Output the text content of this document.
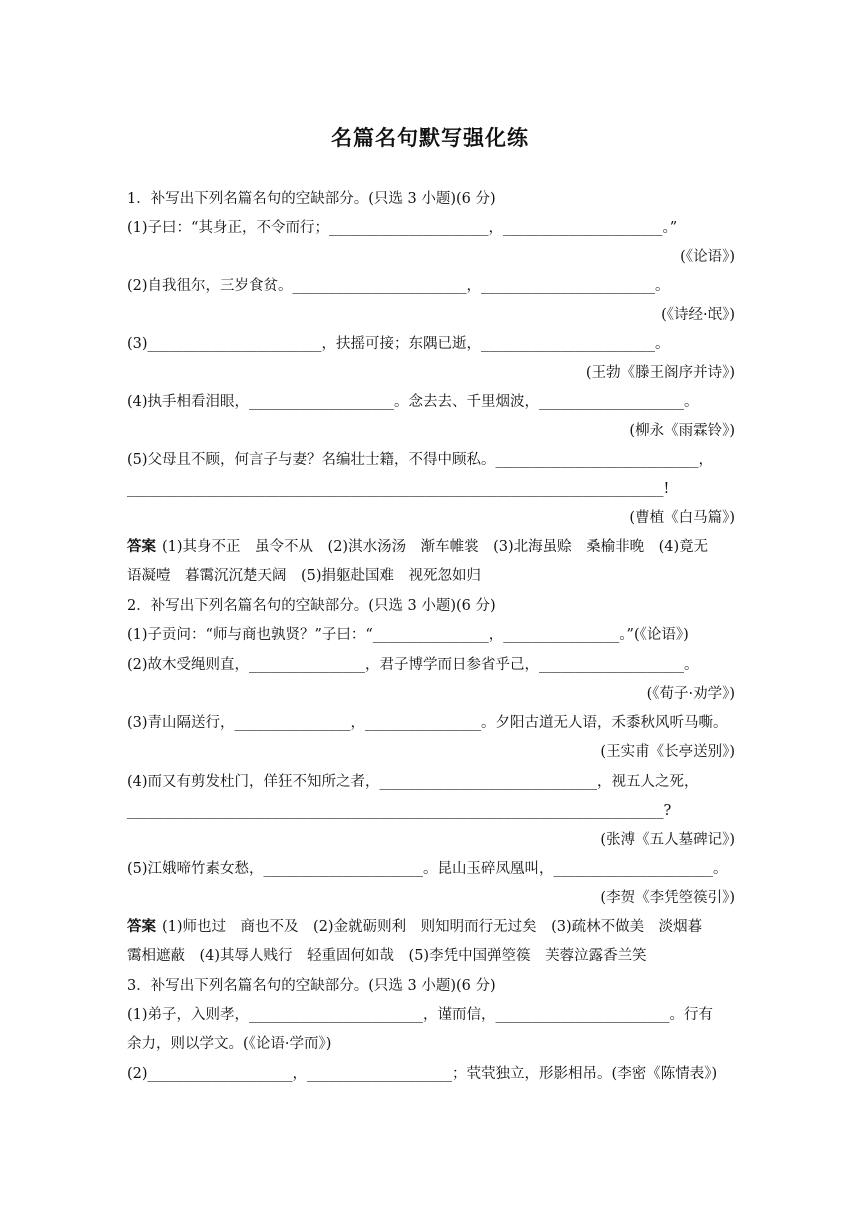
名篇名句默写强化练
1．补写出下列名篇名句的空缺部分。(只选 3 小题)(6 分)
(1)子曰：“其身正，不令而行；______________________，______________________。”
(《论语》)
(2)自我徂尔，三岁食贫。________________________，________________________。
(《诗经·氓》)
(3)________________________，扶摇可接；东隅已逝，________________________。
(王勃《滕王阁序并诗》)
(4)执手相看泪眼，____________________。念去去、千里烟波，____________________。
(柳永《雨霖铃》)
(5)父母且不顾，何言子与妻？名编壮士籍，不得中顾私。____________________________，
__________________________________________________________________________!
(曹植《白马篇》)
答案 (1)其身不正　虽令不从　(2)淇水汤汤　渐车帷裳　(3)北海虽赊　桑榆非晚　(4)竟无
语凝噎　暮霭沉沉楚天阔　(5)捐躯赴国难　视死忽如归
2．补写出下列名篇名句的空缺部分。(只选 3 小题)(6 分)
(1)子贡问：“师与商也孰贤？”子曰：“________________，________________。”(《论语》)
(2)故木受绳则直，________________，君子博学而日参省乎己，____________________。
(《荀子·劝学》)
(3)青山隔送行，________________，________________。夕阳古道无人语，禾黍秋风听马嘶。
(王实甫《长亭送别》)
(4)而又有剪发杜门，佯狂不知所之者，______________________________，视五人之死，
__________________________________________________________________________?
(张溥《五人墓碑记》)
(5)江娥啼竹素女愁，______________________。昆山玉碎凤凰叫，______________________。
(李贺《李凭箜篌引》)
答案 (1)师也过　商也不及　(2)金就砺则利　则知明而行无过矣　(3)疏林不做美　淡烟暮
霭相遮蔽　(4)其辱人贱行　轻重固何如哉　(5)李凭中国弹箜篌　芙蓉泣露香兰笑
3．补写出下列名篇名句的空缺部分。(只选 3 小题)(6 分)
(1)弟子，入则孝，________________________，谨而信，________________________。行有
余力，则以学文。(《论语·学而》)
(2)____________________，____________________；茕茕独立，形影相吊。(李密《陈情表》)
